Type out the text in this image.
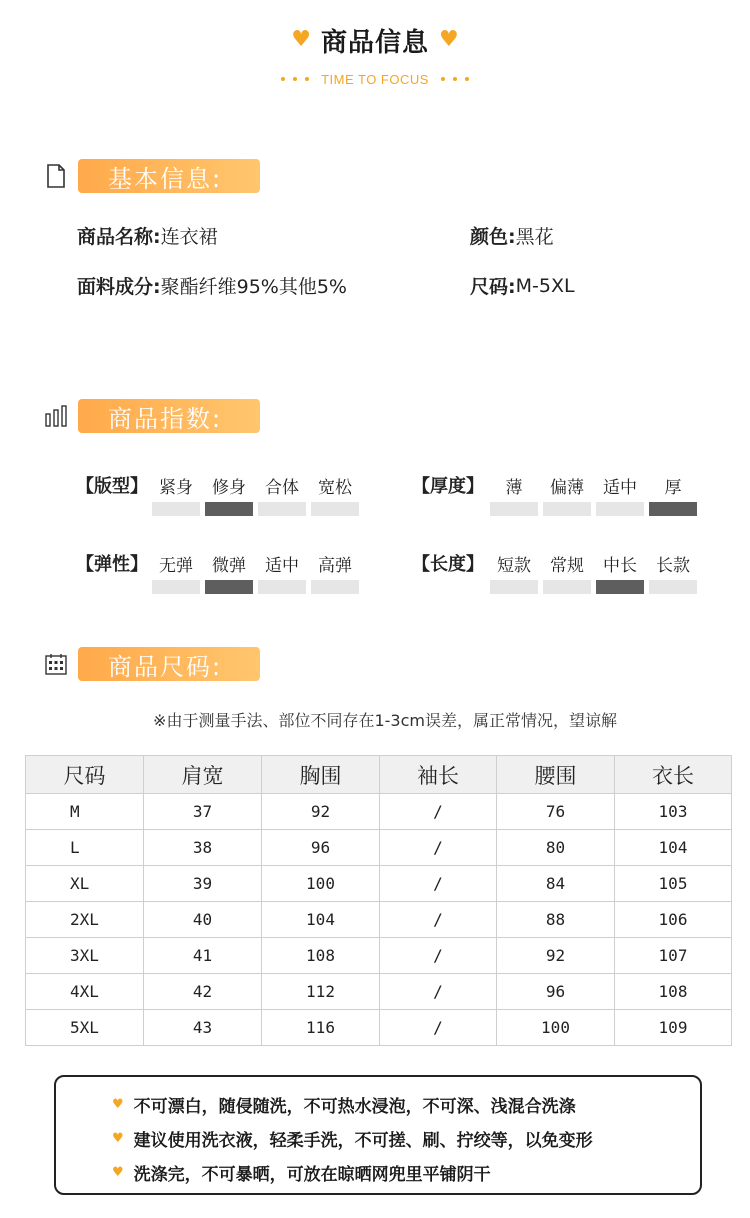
♥ 商品信息 ♥
TIME TO FOCUS
基本信息:
商品名称: 连衣裙	颜色: 黑花
面料成分: 聚酯纤维95%其他5%	尺码: M-5XL
商品指数:
【版型】 紧身	修身	合体	宽松	【厚度】	薄	偏薄	适中	厚
【弹性】 无弹	微弹	适中	高弹	【长度】 短款	常规	中长	长款
商品尺码:
※由于测量手法、部位不同存在1-3cm误差，属正常情况，望谅解
尺码	肩宽	胸围	袖长	腰围	衣长
M	37	92	/	76	103
L	38	96	/	80	104
XL	39	100	/	84	105
2XL	40	104	/	88	106
3XL	41	108	/	92	107
4XL	42	112	/	96	108
5XL	43	116	/	100	109
♥ 不可漂白，随侵随洗，不可热水浸泡，不可深、浅混合洗涤
♥ 建议使用洗衣液，轻柔手洗，不可搓、刷、拧绞等，以免变形
♥ 洗涤完，不可暴晒，可放在晾晒网兜里平铺阴干
